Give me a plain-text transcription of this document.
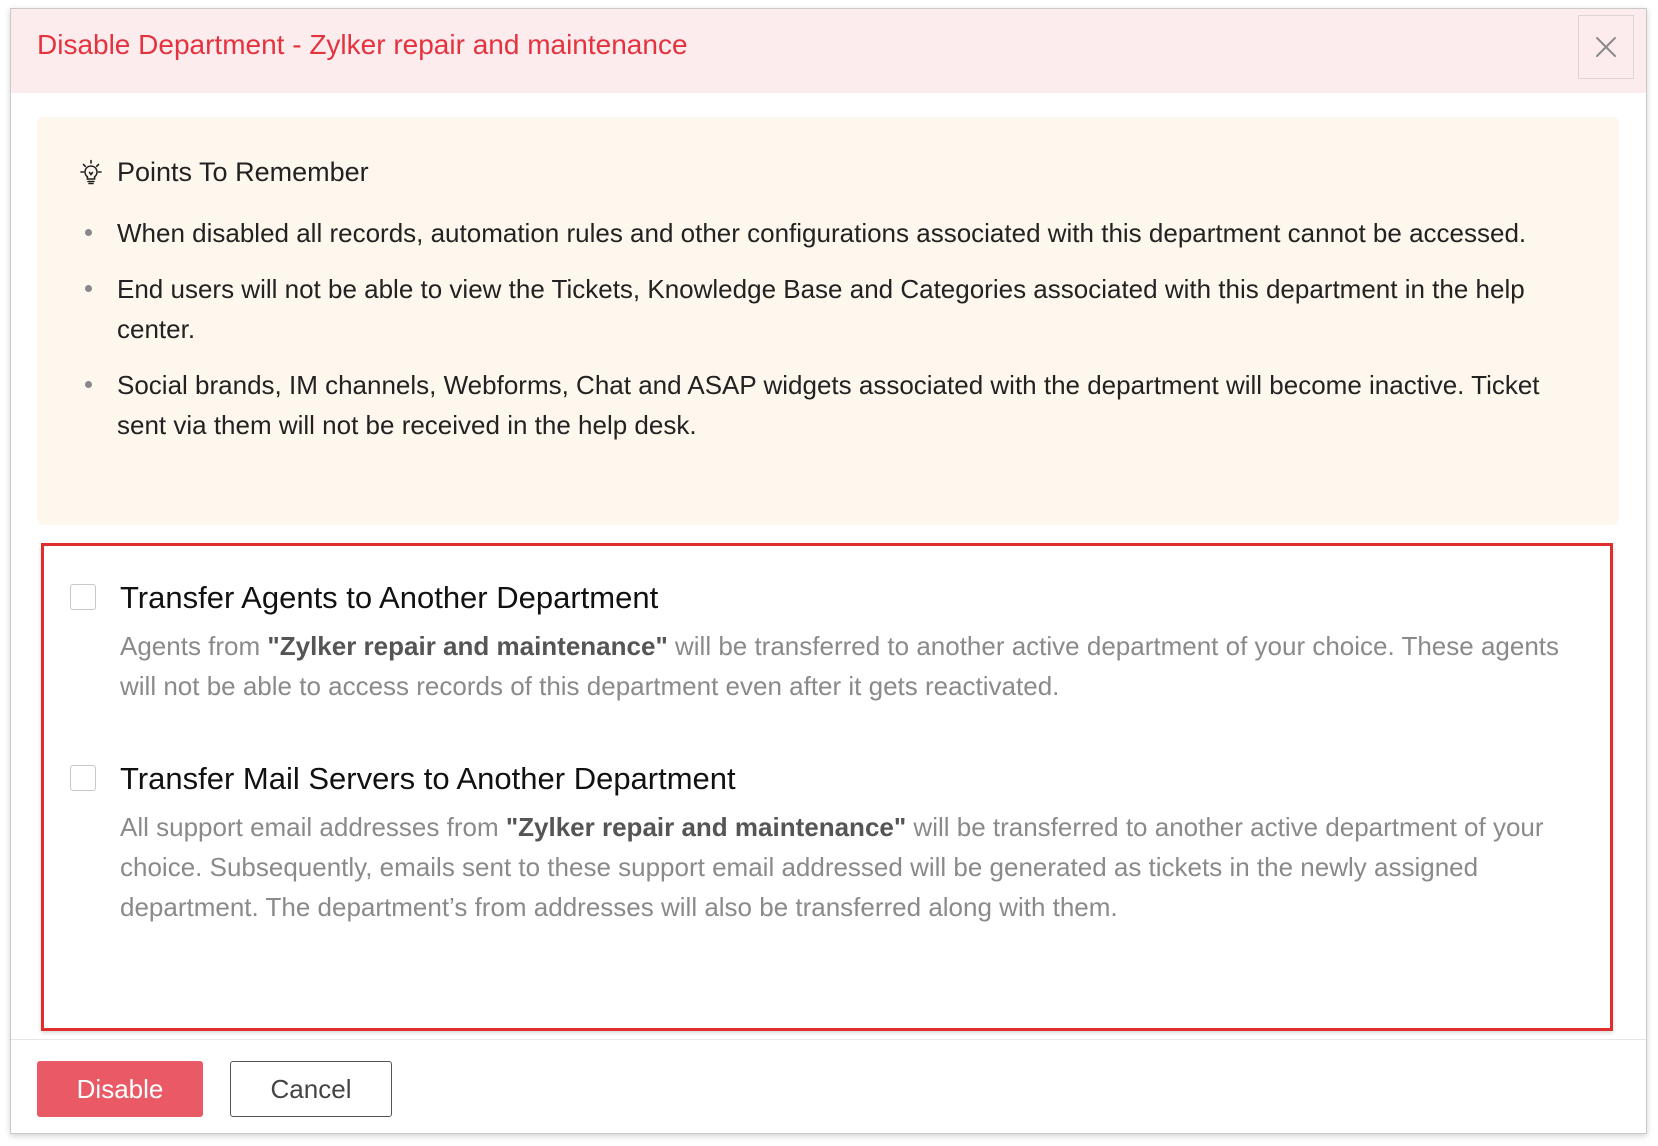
Disable Department - Zylker repair and maintenance
Points To Remember
When disabled all records, automation rules and other configurations associated with this department cannot be accessed.
End users will not be able to view the Tickets, Knowledge Base and Categories associated with this department in the help center.
Social brands, IM channels, Webforms, Chat and ASAP widgets associated with the department will become inactive. Ticket sent via them will not be received in the help desk.
Transfer Agents to Another Department
Agents from "Zylker repair and maintenance" will be transferred to another active department of your choice. These agents will not be able to access records of this department even after it gets reactivated.
Transfer Mail Servers to Another Department
All support email addresses from "Zylker repair and maintenance" will be transferred to another active department of your choice. Subsequently, emails sent to these support email addressed will be generated as tickets in the newly assigned department. The department’s from addresses will also be transferred along with them.
Disable	Cancel
